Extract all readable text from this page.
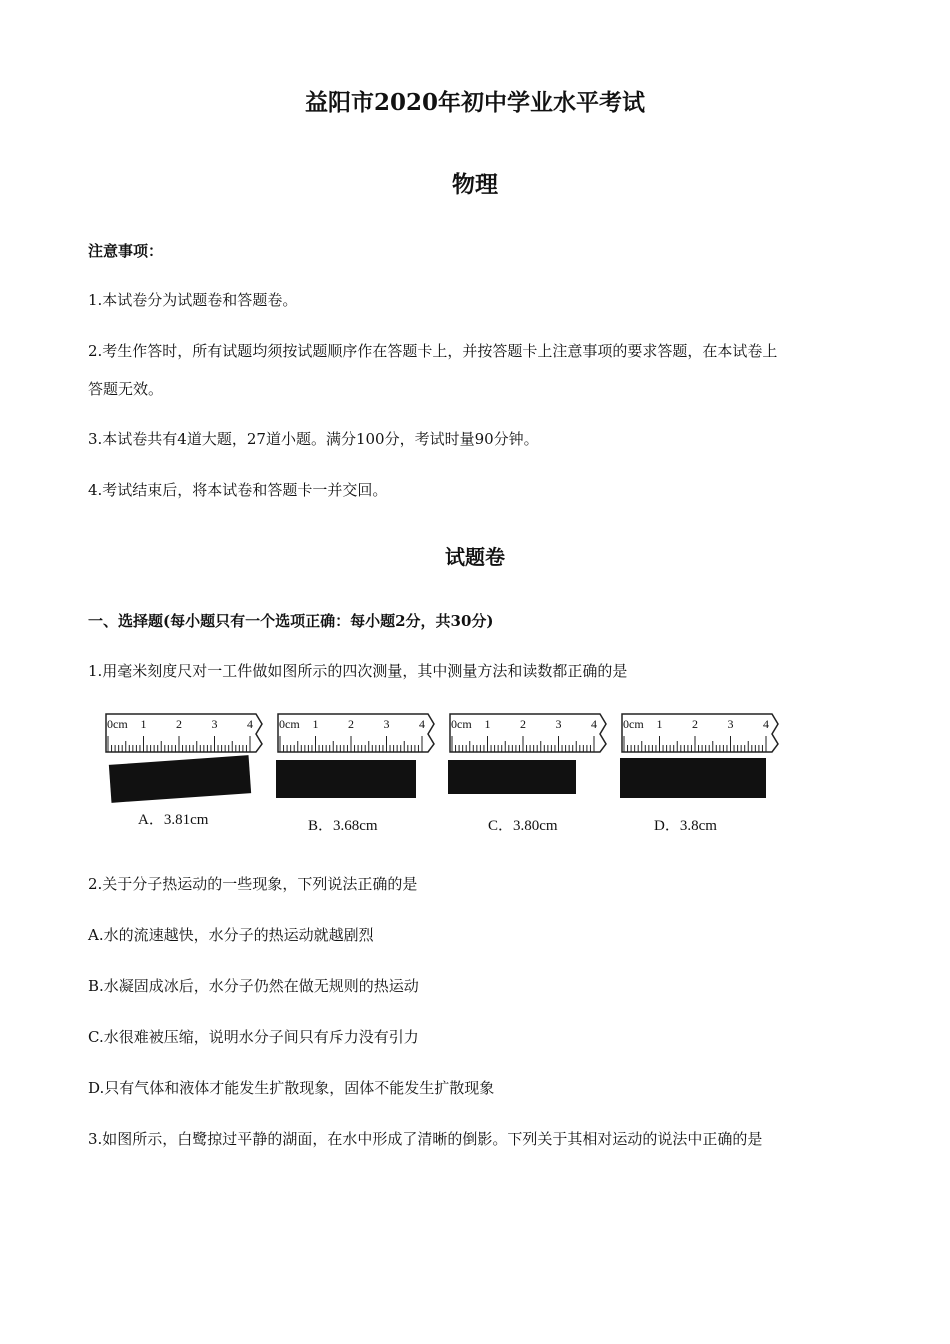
益阳市2020年初中学业水平考试
物理
注意事项：
1.本试卷分为试题卷和答题卷。
2.考生作答时，所有试题均须按试题顺序作在答题卡上，并按答题卡上注意事项的要求答题，在本试卷上
答题无效。
3.本试卷共有4道大题，27道小题。满分100分，考试时量90分钟。
4.考试结束后，将本试卷和答题卡一并交回。
试题卷
一、选择题(每小题只有一个选项正确：每小题2分，共30分)
1.用毫米刻度尺对一工件做如图所示的四次测量，其中测量方法和读数都正确的是
0cm 1 2 3 4 0cm 1 2 3 4 0cm 1 2 3 4 0cm 1 2 3 4
A．3.81cm	B．3.68cm	C．3.80cm	D．3.8cm
2.关于分子热运动的一些现象，下列说法正确的是
A.水的流速越快，水分子的热运动就越剧烈
B.水凝固成冰后，水分子仍然在做无规则的热运动
C.水很难被压缩，说明水分子间只有斥力没有引力
D.只有气体和液体才能发生扩散现象，固体不能发生扩散现象
3.如图所示，白鹭掠过平静的湖面，在水中形成了清晰的倒影。下列关于其相对运动的说法中正确的是
